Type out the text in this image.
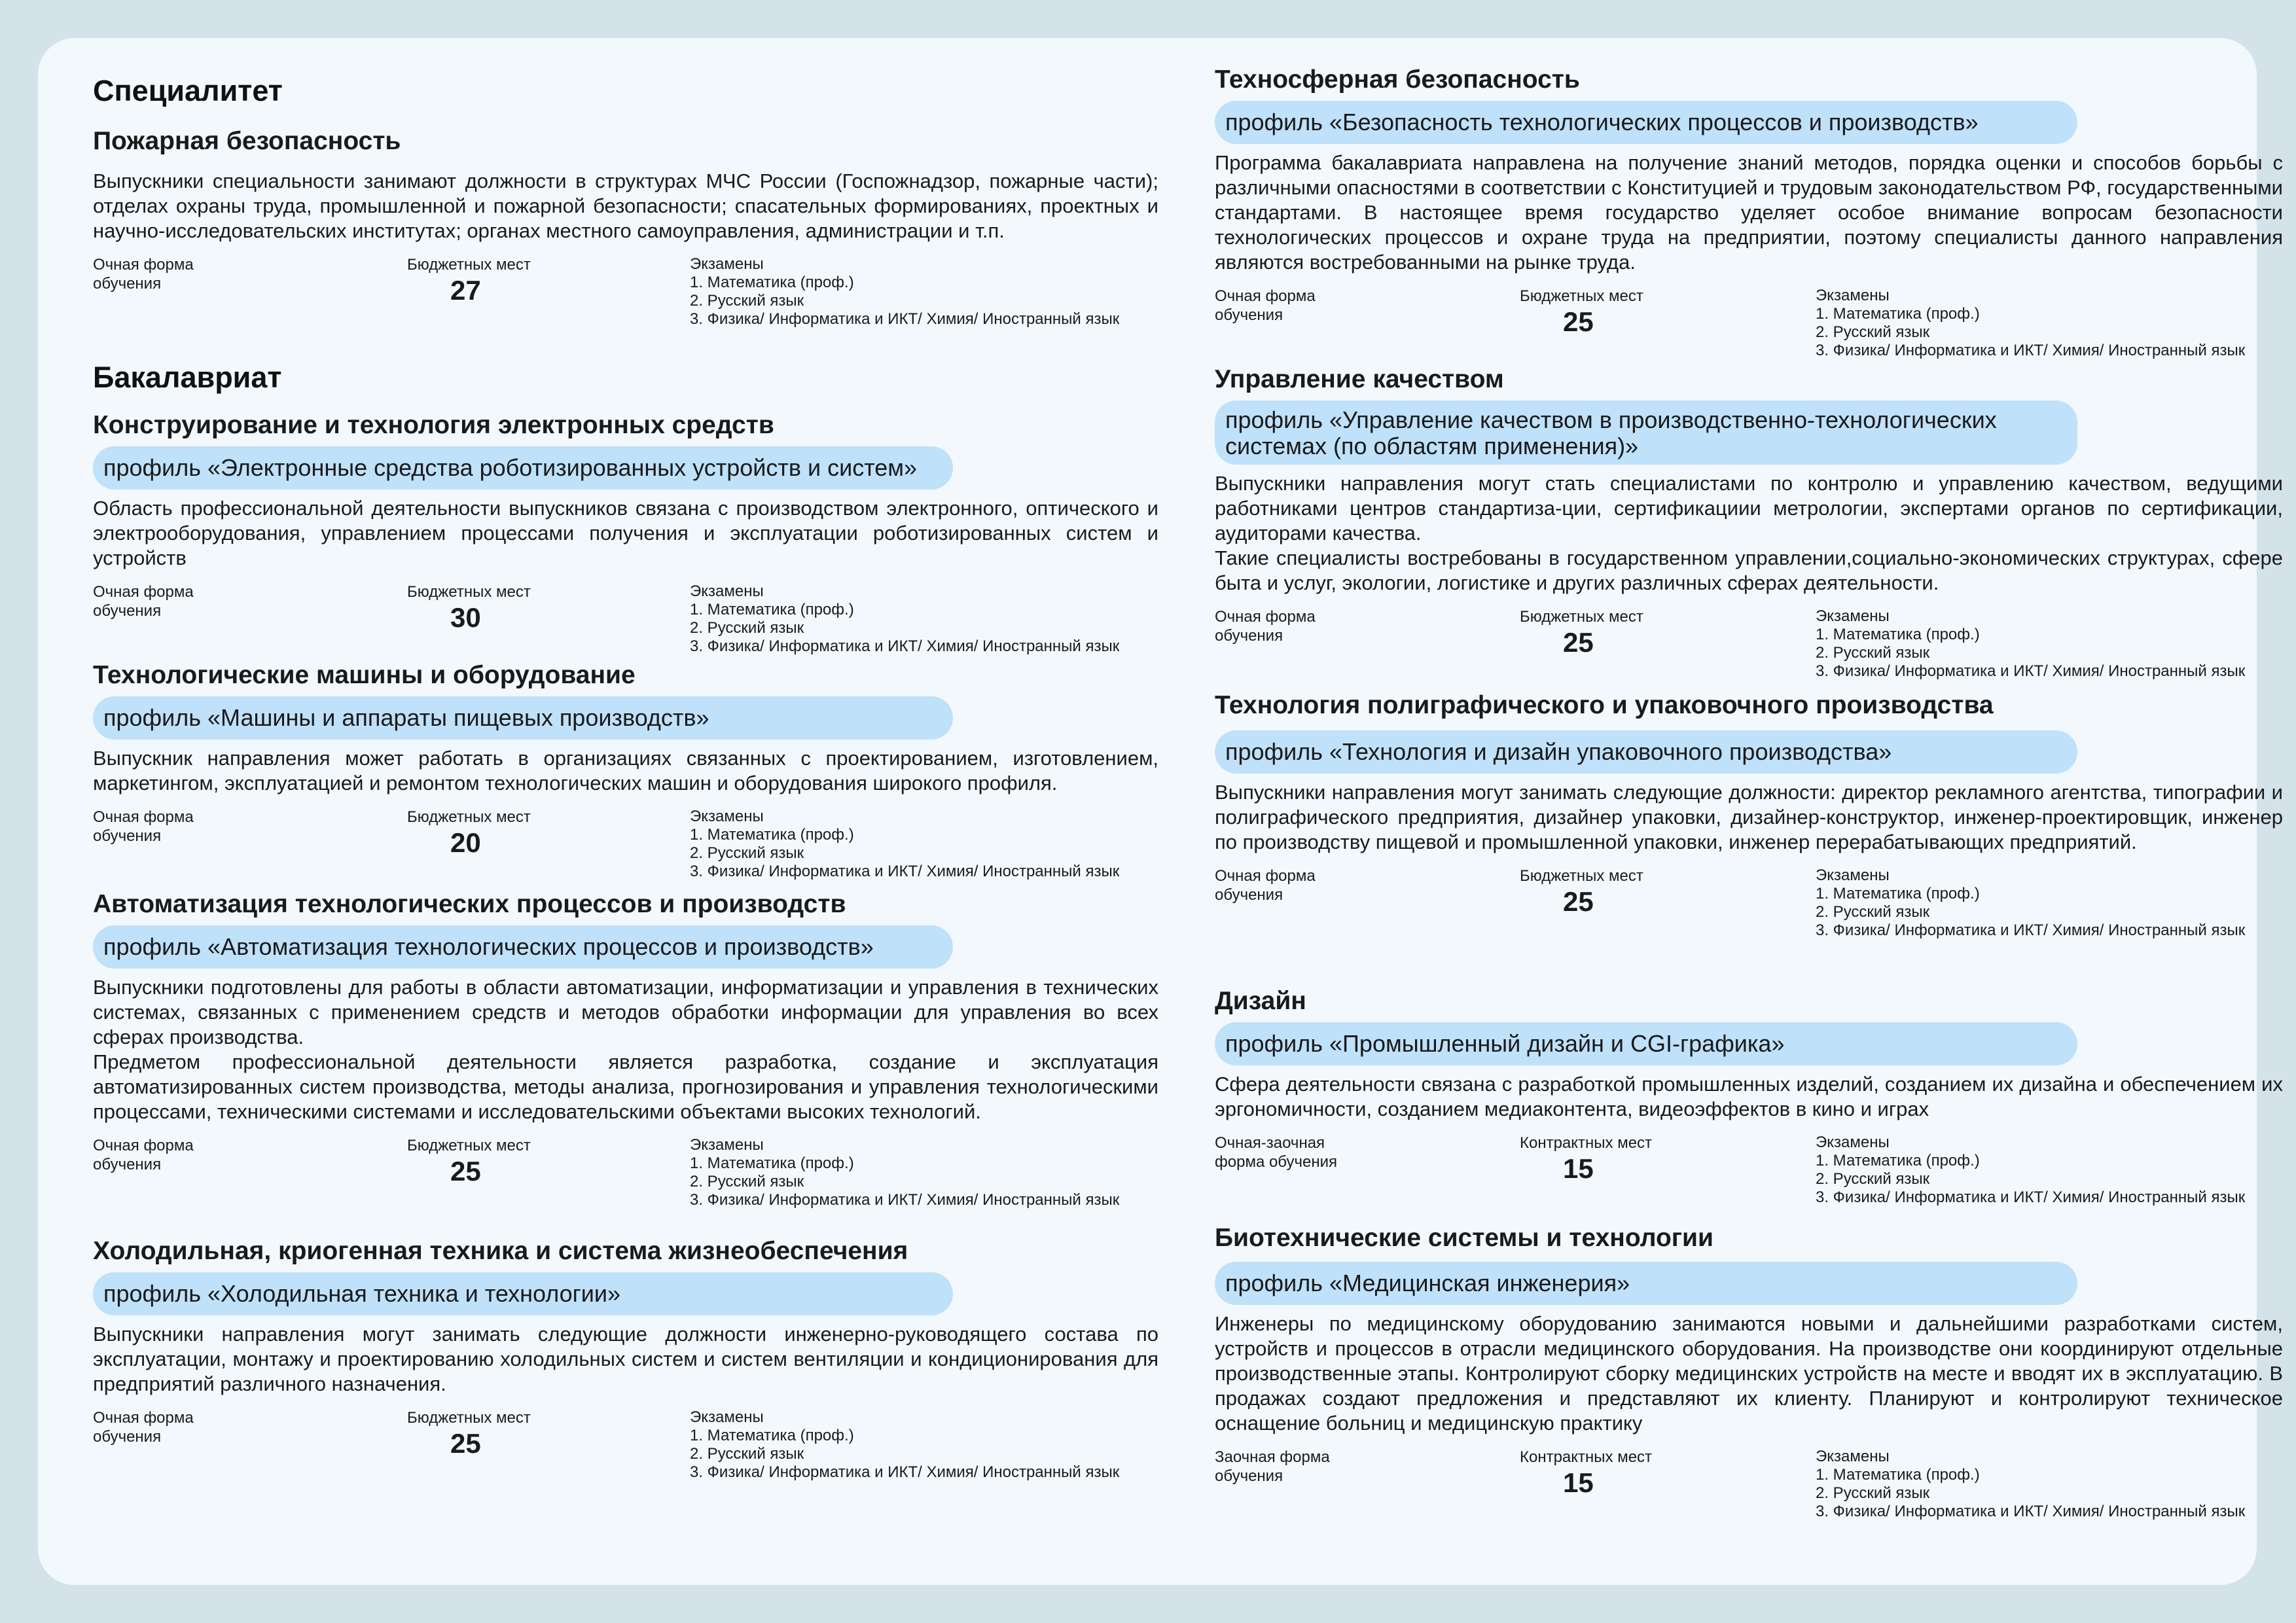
Специалитет
Пожарная безопасность

Выпускники специальности занимают должности в структурах МЧС России (Госпожнадзор, пожарные части); отделах охраны труда, промышленной и пожарной безопасности; спасательных формированиях, проектных и научно-исследовательских институтах; органах местного самоуправления, администрации и т.п.

Очная форма обучения
Бюджетных мест
27
Экзамены
1. Математика (проф.)
2. Русский язык
3. Физика/ Информатика и ИКТ/ Химия/ Иностранный язык
Бакалавриат
Конструирование и технология электронных средств
профиль «Электронные средства роботизированных устройств и систем»

Область профессиональной деятельности выпускников связана с производством электронного, оптического и электрооборудования, управлением процессами получения и эксплуатации роботизированных систем и устройств

Очная форма обучения
Бюджетных мест
30
Экзамены
1. Математика (проф.)
2. Русский язык
3. Физика/ Информатика и ИКТ/ Химия/ Иностранный язык
Технологические машины и оборудование
профиль «Машины и аппараты пищевых производств»

Выпускник направления может работать в организациях связанных с проектированием, изготовлением, маркетингом, эксплуатацией и ремонтом технологических машин и оборудования широкого профиля.

Очная форма обучения
Бюджетных мест
20
Экзамены
1. Математика (проф.)
2. Русский язык
3. Физика/ Информатика и ИКТ/ Химия/ Иностранный язык
Автоматизация технологических процессов и производств
профиль «Автоматизация технологических процессов и производств»

Выпускники подготовлены для работы в области автоматизации, информатизации и управления в технических системах, связанных с применением средств и методов обработки информации для управления во всех сферах производства.

Предметом профессиональной деятельности является разработка, создание и эксплуатация автоматизированных систем производства, методы анализа, прогнозирования и управления технологическими процессами, техническими системами и исследовательскими объектами высоких технологий.

Очная форма обучения
Бюджетных мест
25
Экзамены
1. Математика (проф.)
2. Русский язык
3. Физика/ Информатика и ИКТ/ Химия/ Иностранный язык
Холодильная, криогенная техника и система жизнеобеспечения
профиль «Холодильная техника и технологии»

Выпускники направления могут занимать следующие должности инженерно-руководящего состава по эксплуатации, монтажу и проектированию холодильных систем и систем вентиляции и кондиционирования для предприятий различного назначения.

Очная форма обучения
Бюджетных мест
25
Экзамены
1. Математика (проф.)
2. Русский язык
3. Физика/ Информатика и ИКТ/ Химия/ Иностранный язык
Техносферная безопасность
профиль «Безопасность технологических процессов и производств»

Программа бакалавриата направлена на получение знаний методов, порядка оценки и способов борьбы с различными опасностями в соответствии с Конституцией и трудовым законодательством РФ, государственными стандартами. В настоящее время государство уделяет особое внимание вопросам безопасности технологических процессов и охране труда на предприятии, поэтому специалисты данного направления являются востребованными на рынке труда.

Очная форма обучения
Бюджетных мест
25
Экзамены
1. Математика (проф.)
2. Русский язык
3. Физика/ Информатика и ИКТ/ Химия/ Иностранный язык
Управление качеством
профиль «Управление качеством в производственно-технологических системах (по областям применения)»

Выпускники направления могут стать специалистами по контролю и управлению качеством, ведущими работниками центров стандартиза-ции, сертификациии метрологии, экспертами органов по сертификации, аудиторами качества.

Такие специалисты востребованы в государственном управлении,социально-экономических структурах, сфере быта и услуг, экологии, логистике и других различных сферах деятельности.

Очная форма обучения
Бюджетных мест
25
Экзамены
1. Математика (проф.)
2. Русский язык
3. Физика/ Информатика и ИКТ/ Химия/ Иностранный язык
Технология полиграфического и упаковочного производства
профиль «Технология и дизайн упаковочного производства»

Выпускники направления могут занимать следующие должности: директор рекламного агентства, типографии и полиграфического предприятия, дизайнер упаковки, дизайнер-конструктор, инженер-проектировщик, инженер по производству пищевой и промышленной упаковки, инженер перерабатывающих предприятий.

Очная форма обучения
Бюджетных мест
25
Экзамены
1. Математика (проф.)
2. Русский язык
3. Физика/ Информатика и ИКТ/ Химия/ Иностранный язык
Дизайн
профиль «Промышленный дизайн и CGI-графика»

Сфера деятельности связана с разработкой промышленных изделий, созданием их дизайна и обеспечением их эргономичности, созданием медиаконтента, видеоэффектов в кино и играх

Очная-заочная форма обучения
Контрактных мест
15
Экзамены
1. Математика (проф.)
2. Русский язык
3. Физика/ Информатика и ИКТ/ Химия/ Иностранный язык
Биотехнические системы и технологии
профиль «Медицинская инженерия»

Инженеры по медицинскому оборудованию занимаются новыми и дальнейшими разработками систем, устройств и процессов в отрасли медицинского оборудования. На производстве они координируют отдельные производственные этапы. Контролируют сборку медицинских устройств на месте и вводят их в эксплуатацию. В продажах создают предложения и представляют их клиенту. Планируют и контролируют техническое оснащение больниц и медицинскую практику

Заочная форма обучения
Контрактных мест
15
Экзамены
1. Математика (проф.)
2. Русский язык
3. Физика/ Информатика и ИКТ/ Химия/ Иностранный язык
